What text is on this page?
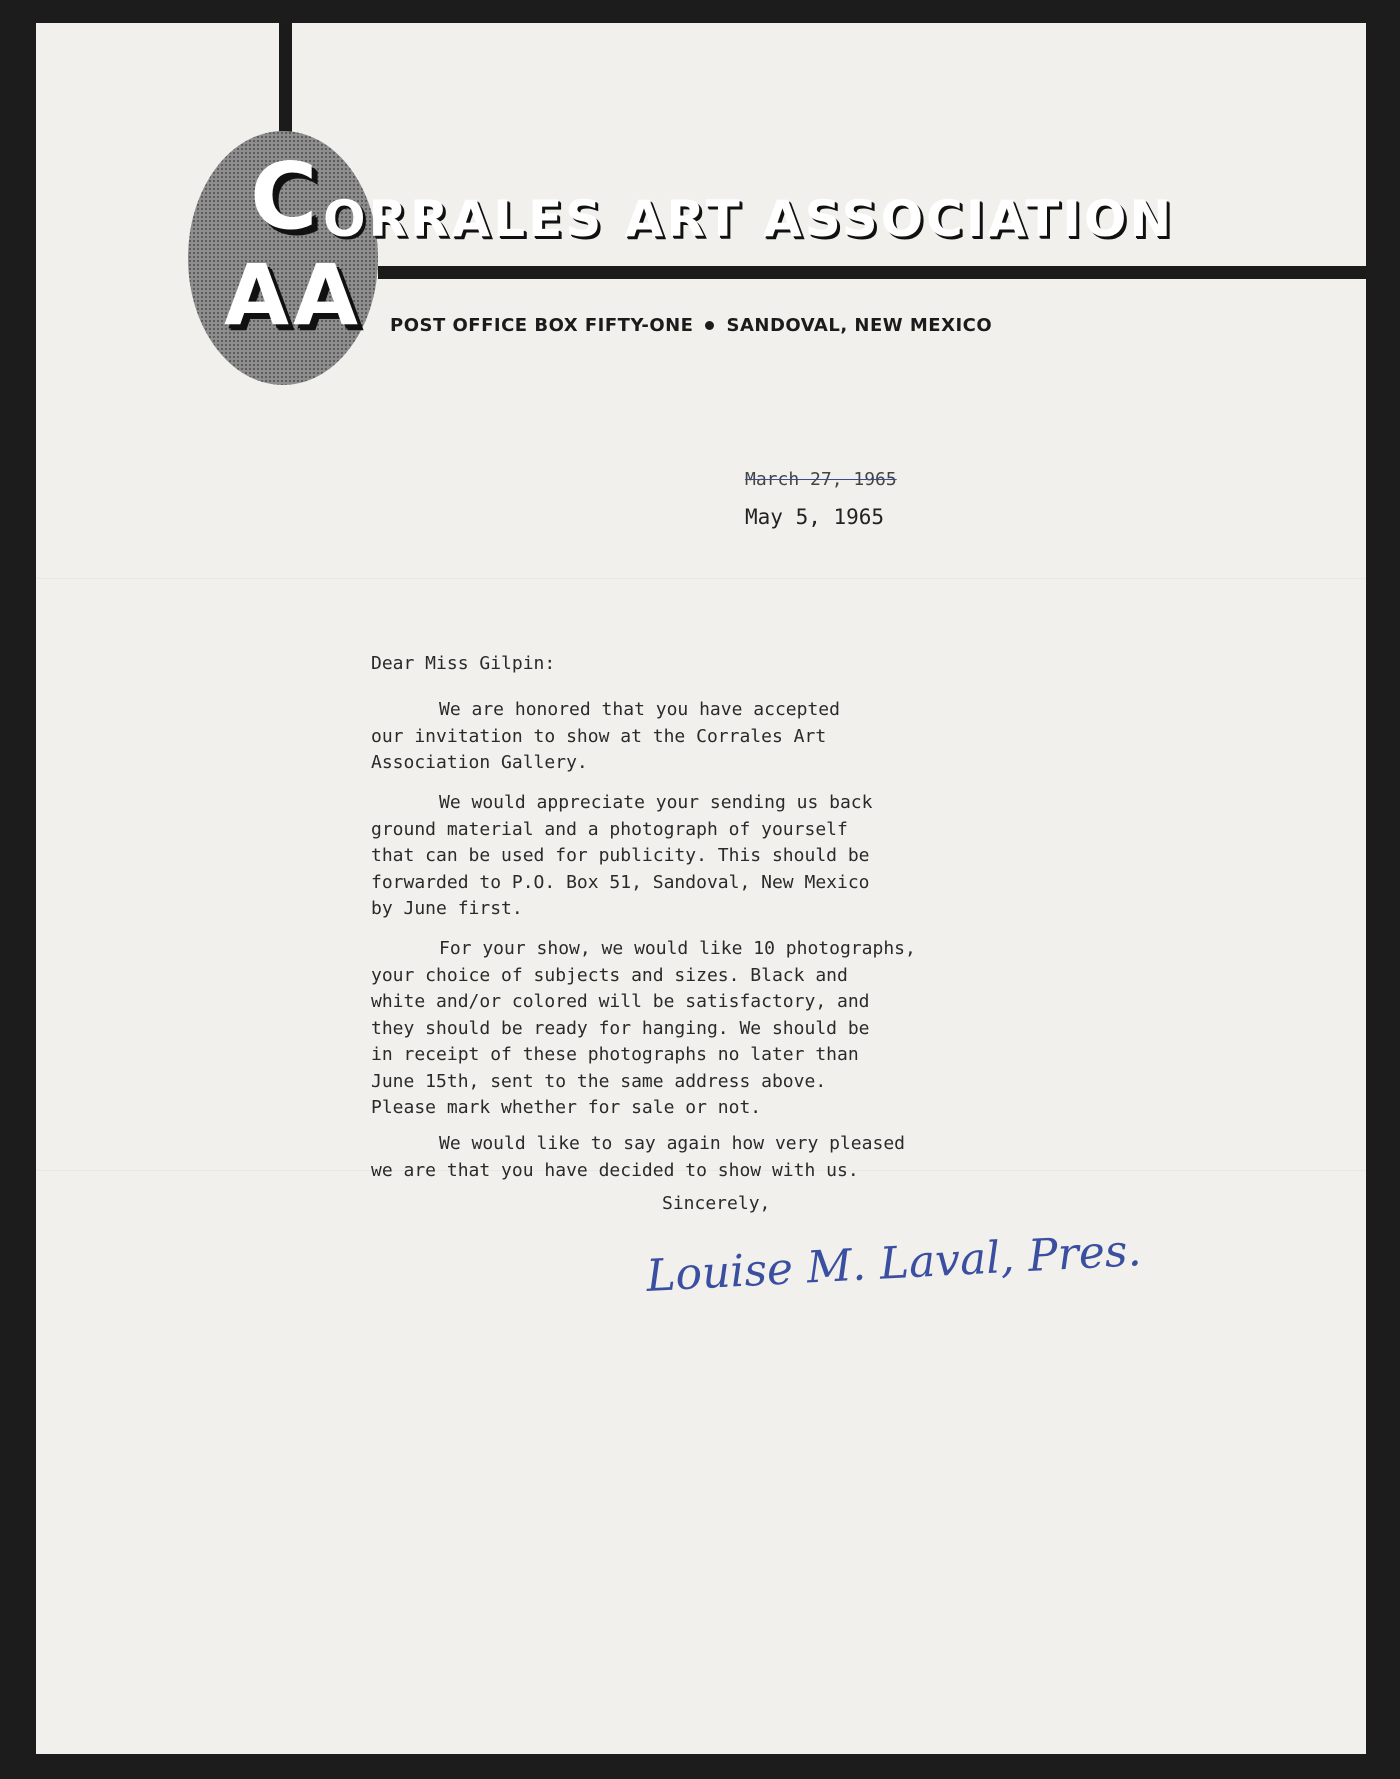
C
AA
ORRALES ART ASSOCIATION
POST OFFICE BOX FIFTY-ONE SANDOVAL, NEW MEXICO
March 27, 1965
May 5, 1965
Dear Miss Gilpin:
We are honored that you have accepted
our invitation to show at the Corrales Art
Association Gallery.
We would appreciate your sending us back
ground material and a photograph of yourself
that can be used for publicity. This should be
forwarded to P.O. Box 51, Sandoval, New Mexico
by June first.
For your show, we would like 10 photographs,
your choice of subjects and sizes. Black and
white and/or colored will be satisfactory, and
they should be ready for hanging. We should be
in receipt of these photographs no later than
June 15th, sent to the same address above.
Please mark whether for sale or not.
We would like to say again how very pleased
we are that you have decided to show with us.
Sincerely,
Louise M. Laval, Pres.
